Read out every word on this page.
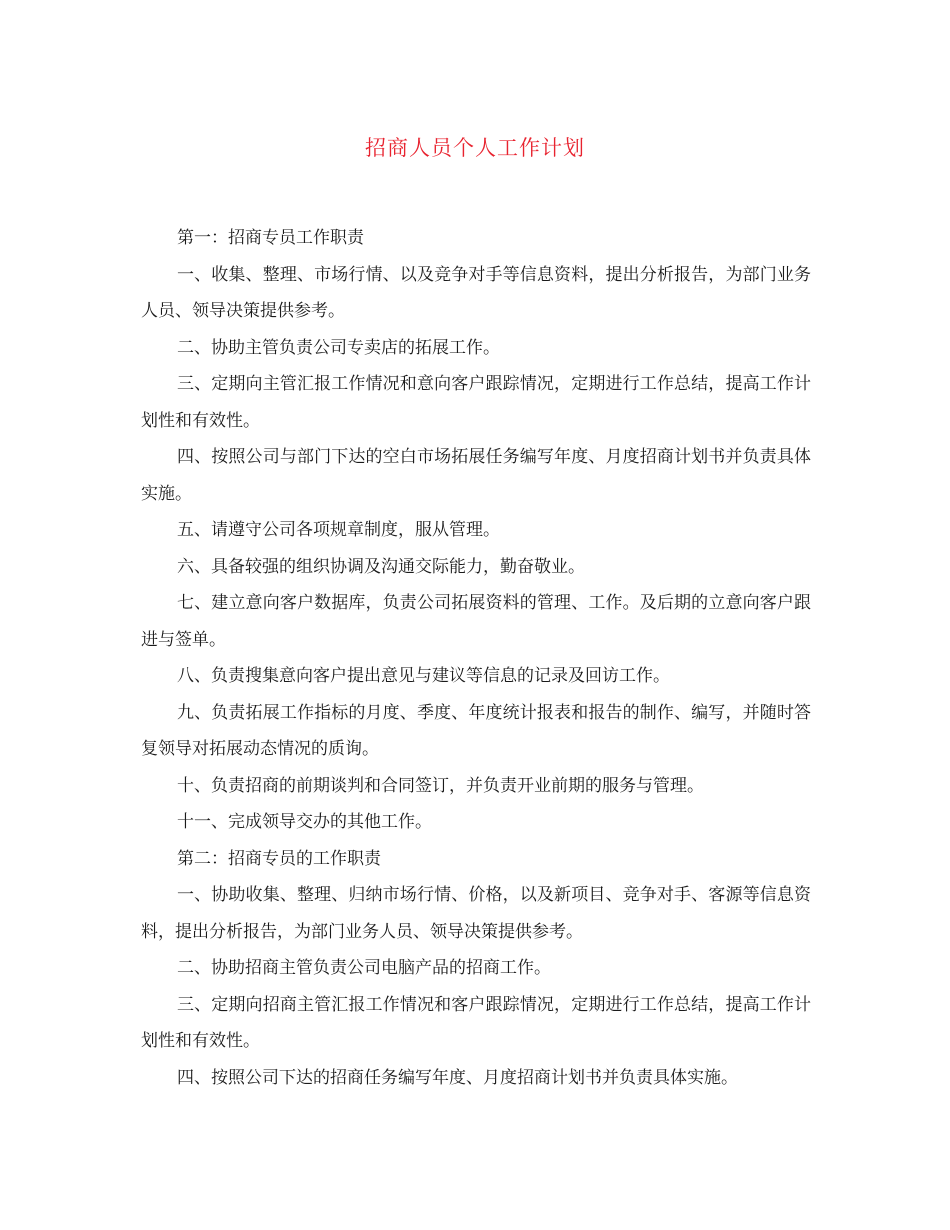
招商人员个人工作计划

第一：招商专员工作职责

一、收集、整理、市场行情、以及竞争对手等信息资料，提出分析报告，为部门业务人员、领导决策提供参考。

二、协助主管负责公司专卖店的拓展工作。

三、定期向主管汇报工作情况和意向客户跟踪情况，定期进行工作总结，提高工作计划性和有效性。

四、按照公司与部门下达的空白市场拓展任务编写年度、月度招商计划书并负责具体实施。

五、请遵守公司各项规章制度，服从管理。

六、具备较强的组织协调及沟通交际能力，勤奋敬业。

七、建立意向客户数据库，负责公司拓展资料的管理、工作。及后期的立意向客户跟进与签单。

八、负责搜集意向客户提出意见与建议等信息的记录及回访工作。

九、负责拓展工作指标的月度、季度、年度统计报表和报告的制作、编写，并随时答复领导对拓展动态情况的质询。

十、负责招商的前期谈判和合同签订，并负责开业前期的服务与管理。

十一、完成领导交办的其他工作。

第二：招商专员的工作职责

一、协助收集、整理、归纳市场行情、价格，以及新项目、竞争对手、客源等信息资料，提出分析报告，为部门业务人员、领导决策提供参考。

二、协助招商主管负责公司电脑产品的招商工作。

三、定期向招商主管汇报工作情况和客户跟踪情况，定期进行工作总结，提高工作计划性和有效性。

四、按照公司下达的招商任务编写年度、月度招商计划书并负责具体实施。
